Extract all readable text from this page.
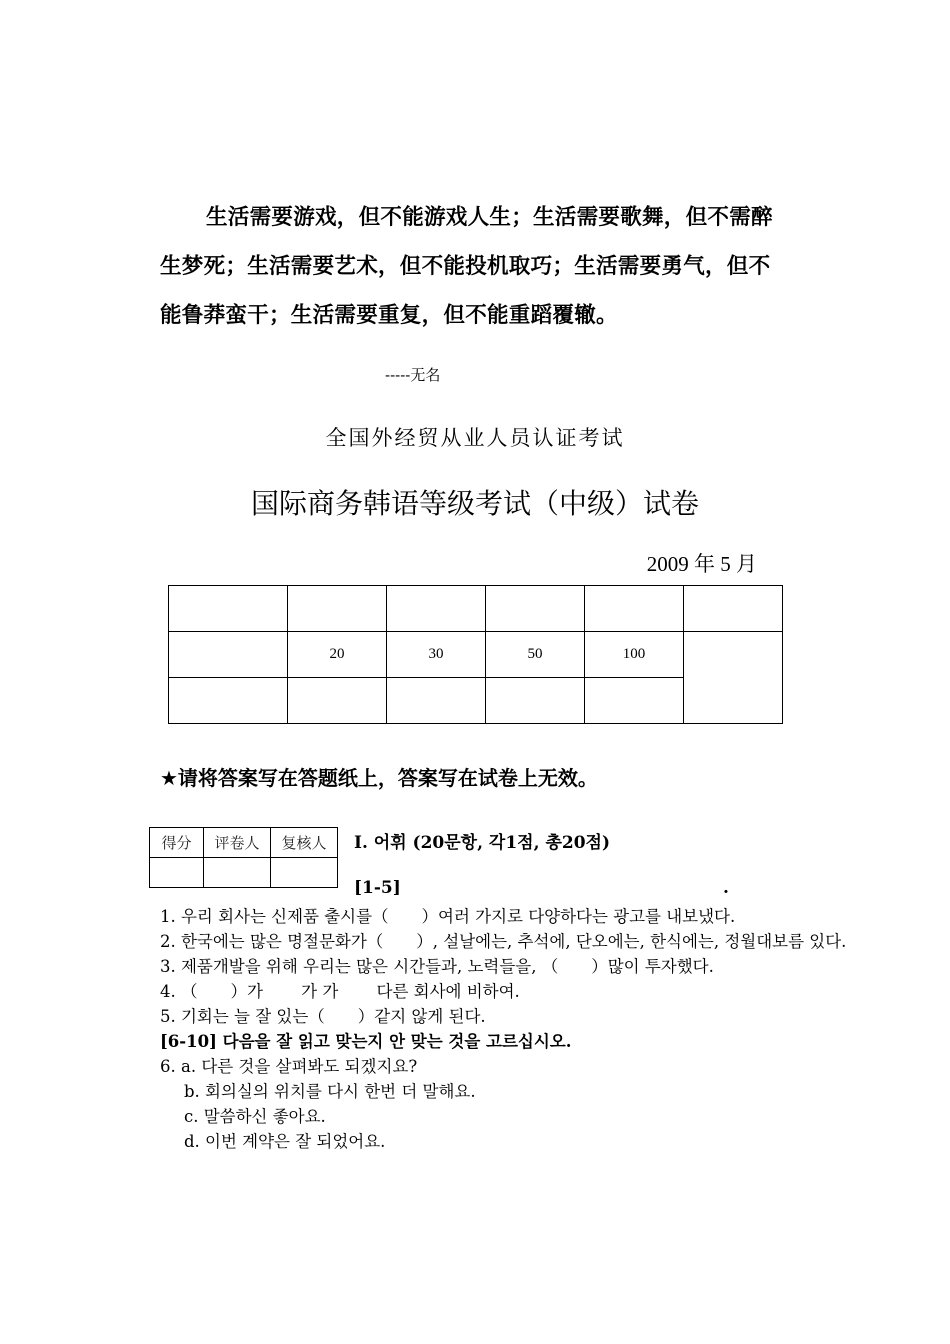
生活需要游戏，但不能游戏人生；生活需要歌舞，但不需醉生梦死；生活需要艺术，但不能投机取巧；生活需要勇气，但不能鲁莽蛮干；生活需要重复，但不能重蹈覆辙。
-----无名
全国外经贸从业人员认证考试
国际商务韩语等级考试（中级）试卷
2009 年 5 月

	20	30	50	100	

★请将答案写在答题纸上，答案写在试卷上无效。
得分	评卷人	复核人
		I. 어휘 (20문항, 각1점, 총20점)
[1-5]	.
1. 우리 회사는 신제품 출시를（　　）여러 가지로 다양하다는 광고를 내보냈다.
2. 한국에는 많은 명절문화가（　　）, 설날에는, 추석에, 단오에는, 한식에는, 정월대보름 있다.
3. 제품개발을 위해 우리는 많은 시간들과, 노력들을, （　　）많이 투자했다.
4. （　　）가 　　가 가 　　다른 회사에 비하여.
5. 기회는 늘 잘 있는（　　）같지 않게 된다.
[6-10] 다음을 잘 읽고 맞는지 안 맞는 것을 고르십시오.
6. a. 다른 것을 살펴봐도 되겠지요?
b. 회의실의 위치를 다시 한번 더 말해요.
c. 말씀하신 좋아요.
d. 이번 계약은 잘 되었어요.
